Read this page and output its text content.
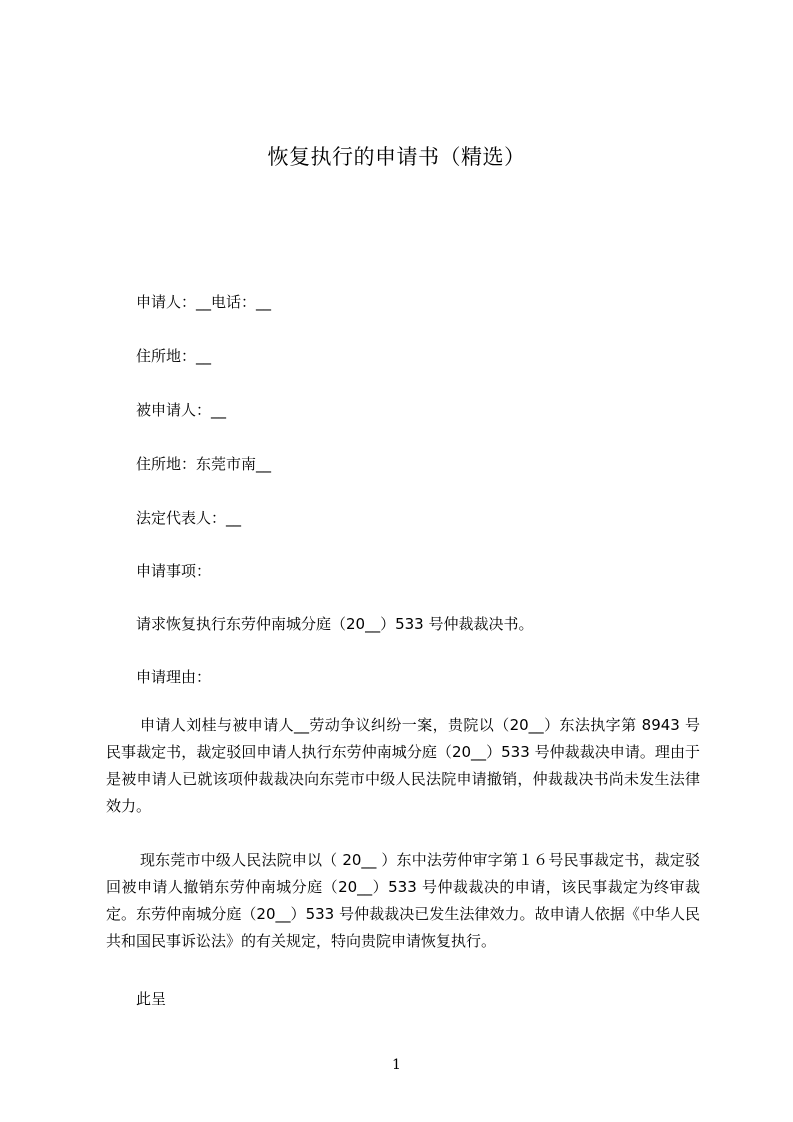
恢复执行的申请书（精选）

申请人：__电话：__

住所地：__

被申请人：__

住所地：东莞市南__

法定代表人：__

申请事项：

请求恢复执行东劳仲南城分庭（20__）533 号仲裁裁决书。

申请理由：

申请人刘桂与被申请人__劳动争议纠纷一案，贵院以（20__）东法执字第 8943 号民事裁定书，裁定驳回申请人执行东劳仲南城分庭（20__）533 号仲裁裁决申请。理由于是被申请人已就该项仲裁裁决向东莞市中级人民法院申请撤销，仲裁裁决书尚未发生法律效力。

现东莞市中级人民法院申以（ 20__ ）东中法劳仲审字第１６号民事裁定书，裁定驳回被申请人撤销东劳仲南城分庭（20__）533 号仲裁裁决的申请，该民事裁定为终审裁定。东劳仲南城分庭（20__）533 号仲裁裁决已发生法律效力。故申请人依据《中华人民共和国民事诉讼法》的有关规定，特向贵院申请恢复执行。

此呈

1
